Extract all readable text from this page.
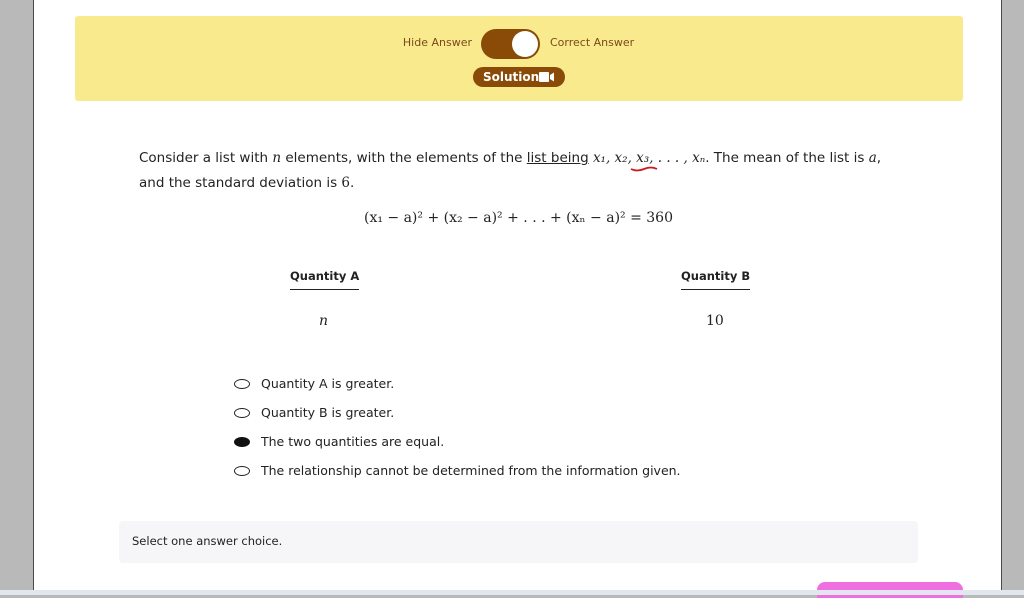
Hide Answer	Correct Answer
Solution
Consider a list with n elements, with the elements of the list being x₁, x₂, x₃, . . . , xₙ. The mean of the list is a,
and the standard deviation is 6.
(x₁ − a)² + (x₂ − a)² + . . . + (xₙ − a)² = 360
Quantity A	Quantity B
n	10
Quantity A is greater.
Quantity B is greater.
The two quantities are equal.
The relationship cannot be determined from the information given.
Select one answer choice.
